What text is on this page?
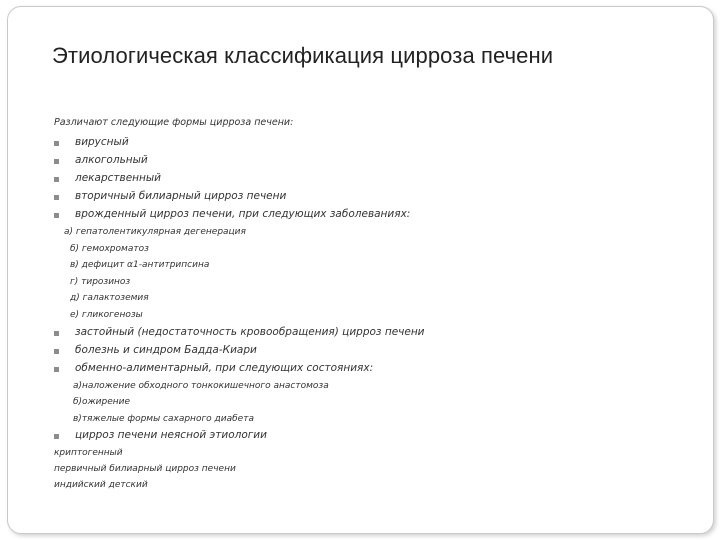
Этиологическая классификация цирроза печени
Различают следующие формы цирроза печени:
вирусный
алкогольный
лекарственный
вторичный билиарный цирроз печени
врожденный цирроз печени, при следующих заболеваниях:
а) гепатолентикулярная дегенерация
б) гемохроматоз
в) дефицит α1-антитрипсина
г) тирозиноз
д) галактоземия
е) гликогенозы
застойный (недостаточность кровообращения) цирроз печени
болезнь и синдром Бадда-Киари
обменно-алиментарный, при следующих состояниях:
а)наложение обходного тонкокишечного анастомоза
б)ожирение
в)тяжелые формы сахарного диабета
цирроз печени неясной этиологии
криптогенный
первичный билиарный цирроз печени
индийский детский
